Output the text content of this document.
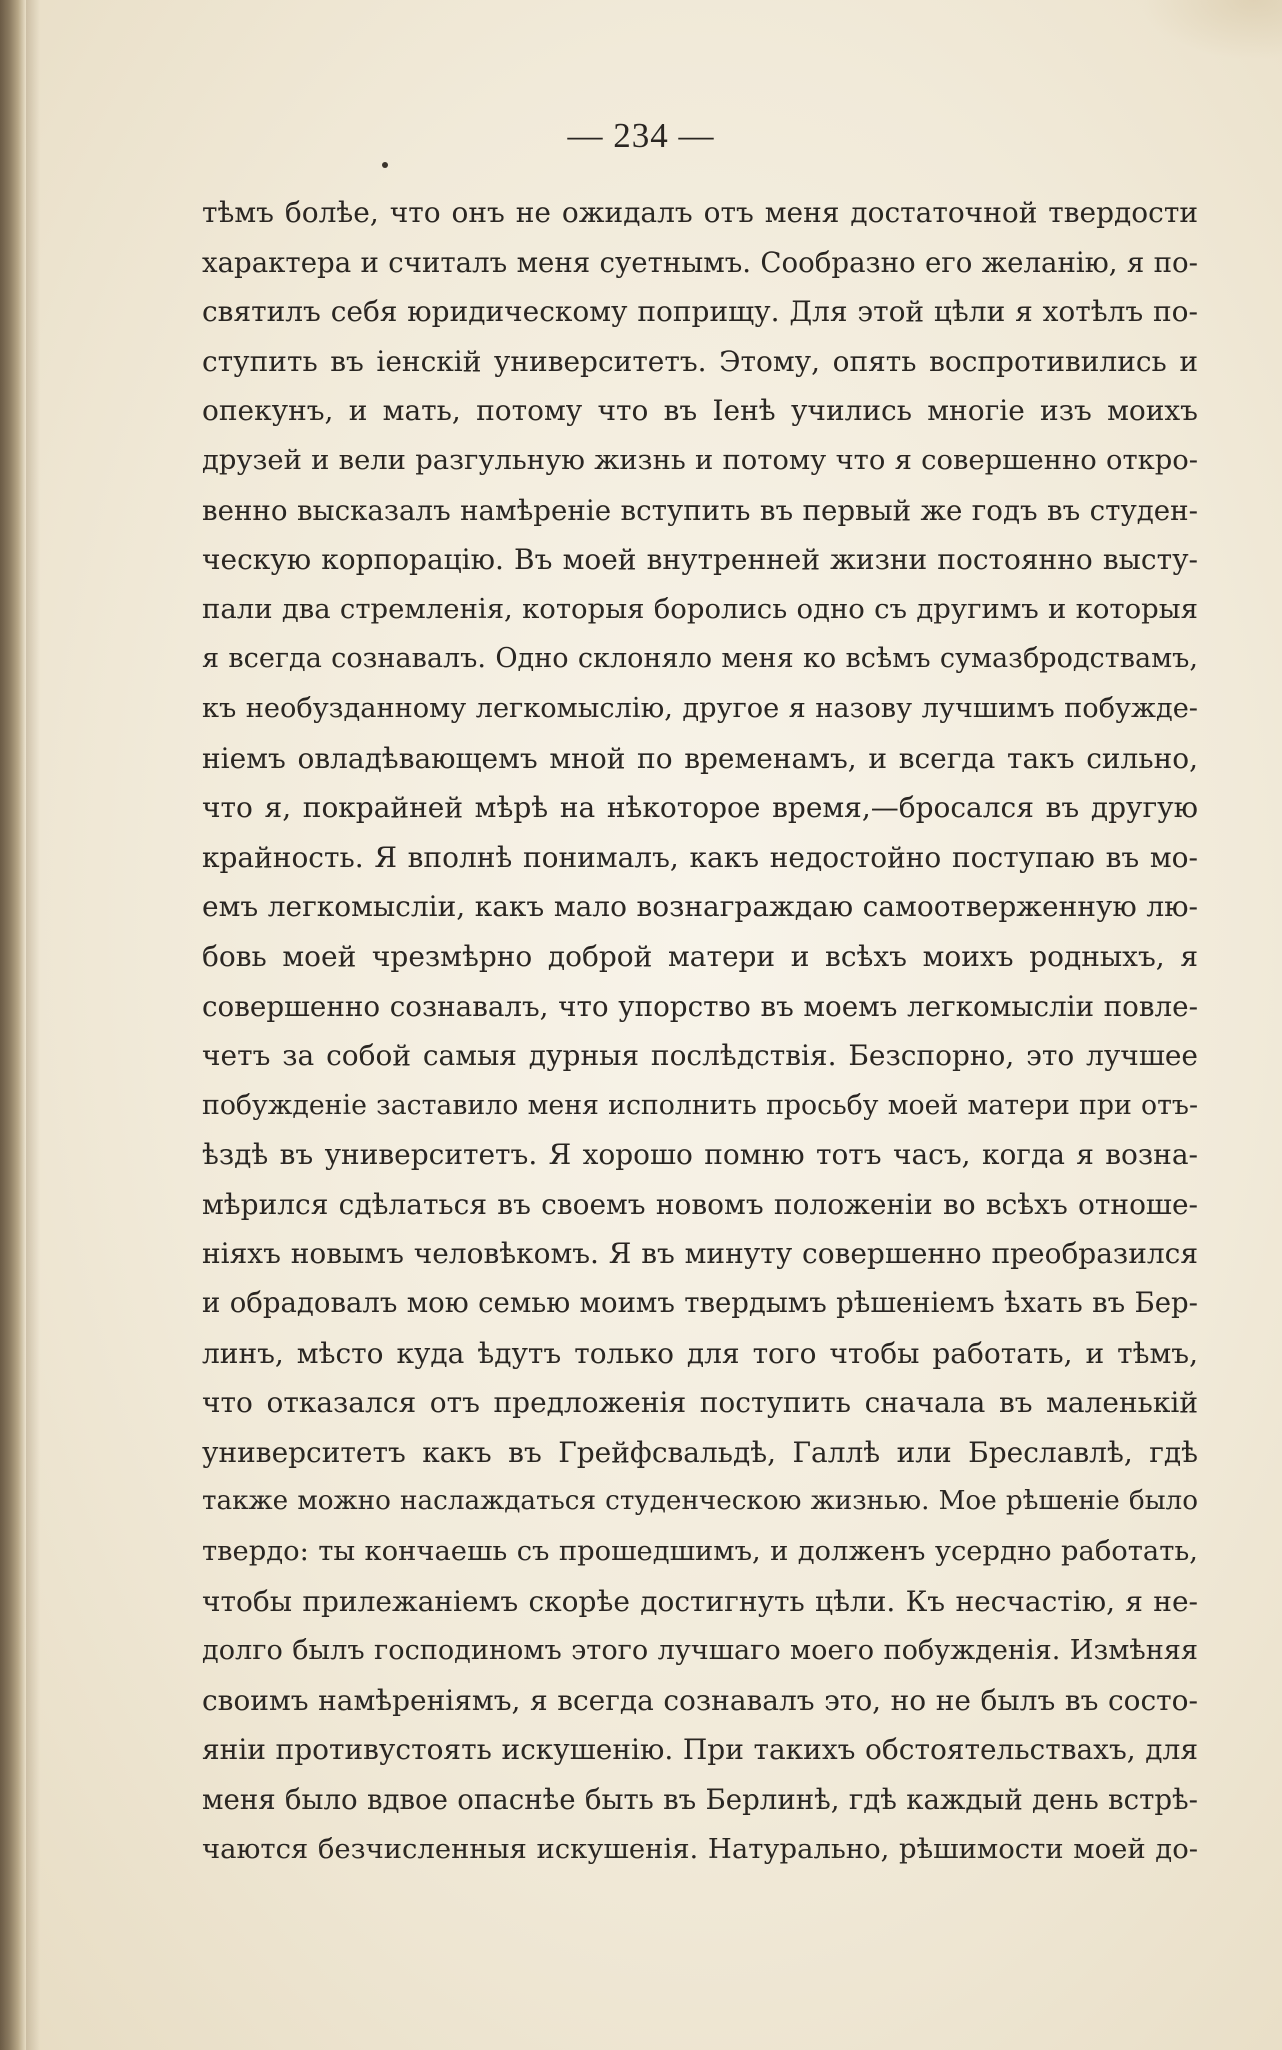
— 234 —
тѣмъ болѣе, что онъ не ожидалъ отъ меня достаточной твердости
характера и считалъ меня суетнымъ. Сообразно его желанію, я по-
святилъ себя юридическому поприщу. Для этой цѣли я хотѣлъ по-
ступить въ іенскій университетъ. Этому, опять воспротивились и
опекунъ, и мать, потому что въ Іенѣ учились многіе изъ моихъ
друзей и вели разгульную жизнь и потому что я совершенно откро-
венно высказалъ намѣреніе вступить въ первый же годъ въ студен-
ческую корпорацію. Въ моей внутренней жизни постоянно высту-
пали два стремленія, которыя боролись одно съ другимъ и которыя
я всегда сознавалъ. Одно склоняло меня ко всѣмъ сумазбродствамъ,
къ необузданному легкомыслію, другое я назову лучшимъ побужде-
ніемъ овладѣвающемъ мной по временамъ, и всегда такъ сильно,
что я, покрайней мѣрѣ на нѣкоторое время,—бросался въ другую
крайность. Я вполнѣ понималъ, какъ недостойно поступаю въ мо-
емъ легкомысліи, какъ мало вознаграждаю самоотверженную лю-
бовь моей чрезмѣрно доброй матери и всѣхъ моихъ родныхъ, я
совершенно сознавалъ, что упорство въ моемъ легкомысліи повле-
четъ за собой самыя дурныя послѣдствія. Безспорно, это лучшее
побужденіе заставило меня исполнить просьбу моей матери при отъ-
ѣздѣ въ университетъ. Я хорошо помню тотъ часъ, когда я возна-
мѣрился сдѣлаться въ своемъ новомъ положеніи во всѣхъ отноше-
ніяхъ новымъ человѣкомъ. Я въ минуту совершенно преобразился
и обрадовалъ мою семью моимъ твердымъ рѣшеніемъ ѣхать въ Бер-
линъ, мѣсто куда ѣдутъ только для того чтобы работать, и тѣмъ,
что отказался отъ предложенія поступить сначала въ маленькій
университетъ какъ въ Грейфсвальдѣ, Галлѣ или Бреславлѣ, гдѣ
также можно наслаждаться студенческою жизнью. Мое рѣшеніе было
твердо: ты кончаешь съ прошедшимъ, и долженъ усердно работать,
чтобы прилежаніемъ скорѣе достигнуть цѣли. Къ несчастію, я не-
долго былъ господиномъ этого лучшаго моего побужденія. Измѣняя
своимъ намѣреніямъ, я всегда сознавалъ это, но не былъ въ состо-
яніи противустоять искушенію. При такихъ обстоятельствахъ, для
меня было вдвое опаснѣе быть въ Берлинѣ, гдѣ каждый день встрѣ-
чаются безчисленныя искушенія. Натурально, рѣшимости моей до-
